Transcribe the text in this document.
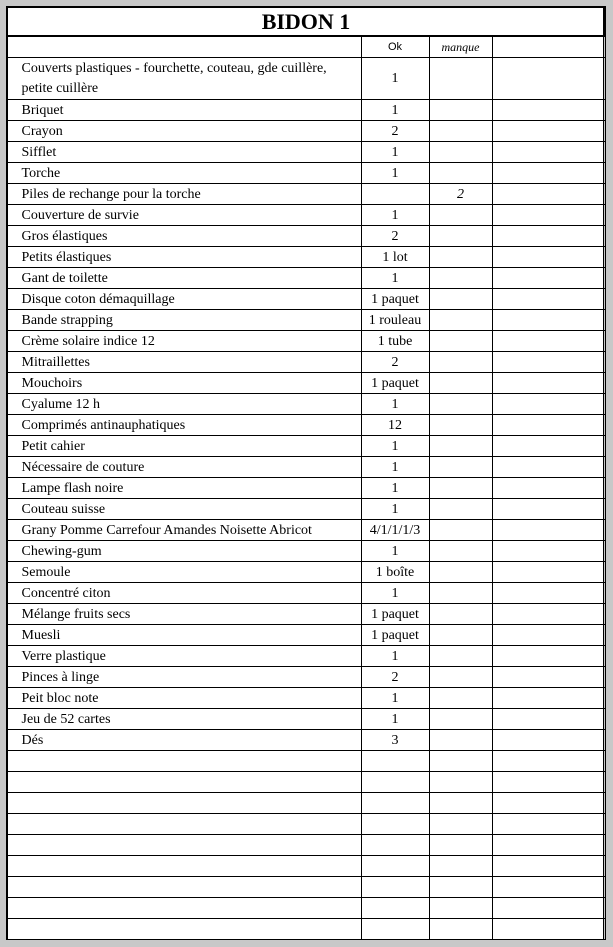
BIDON 1			
	Ok	manque	
Couverts plastiques - fourchette, couteau, gde cuillère, petite cuillère	1		
Briquet	1		
Crayon	2		
Sifflet	1		
Torche	1		
Piles de rechange pour la torche		2	
Couverture de survie	1		
Gros élastiques	2		
Petits élastiques	1 lot		
Gant de toilette	1		
Disque coton démaquillage	1 paquet		
Bande strapping	1 rouleau		
Crème solaire indice 12	1 tube		
Mitraillettes	2		
Mouchoirs	1 paquet		
Cyalume 12 h	1		
Comprimés antinauphatiques	12		
Petit cahier	1		
Nécessaire de couture	1		
Lampe flash noire	1		
Couteau suisse	1		
Grany Pomme Carrefour Amandes Noisette Abricot	4/1/1/1/3		
Chewing-gum	1		
Semoule	1 boîte		
Concentré citon	1		
Mélange fruits secs	1 paquet		
Muesli	1 paquet		
Verre plastique	1		
Pinces à linge	2		
Peit bloc note	1		
Jeu de 52 cartes	1		
Dés	3		
